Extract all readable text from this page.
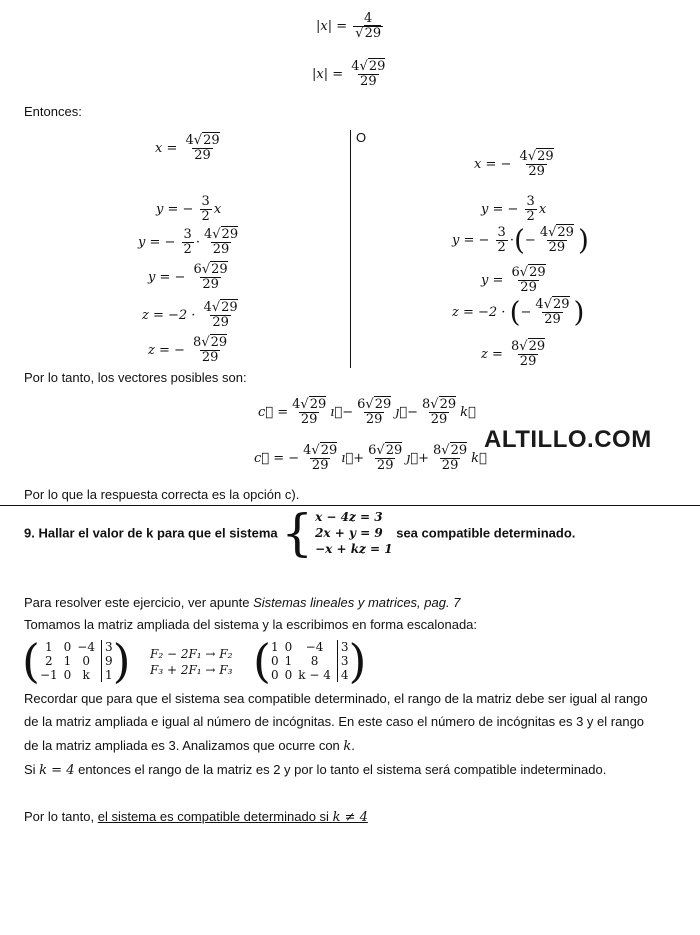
$|x| = \frac{4}{√29}$
$|x| = \frac{4√29}{29}$
Entonces:
$x = \frac{4√29}{29}$
y = − $\frac{3}{2}$ x
y = − $\frac{3}{2} \cdot \frac{4√29}{29}$
y = − $\frac{6√29}{29}$
$z = -2 \cdot \frac{4√29}{29}$
z = − $\frac{8√29}{29}$
O
x = − $\frac{4√29}{29}$
y = − $\frac{3}{2}$ x
y = − $\frac{3}{2}$ ·(− $\frac{4√29}{29}$ )
$y = \frac{6√29}{29}$
z = −2 · (− $\frac{4√29}{29}$ )
$z = \frac{8√29}{29}$
Por lo tanto, los vectores posibles son:
c⃗ = $\frac{4√29}{29}$ ı⃗− $\frac{6√29}{29}$ ȷ⃗− $\frac{8√29}{29}$ k⃗
c⃗ = − $\frac{4√29}{29}$ ı⃗+ $\frac{6√29}{29}$ ȷ⃗+ $\frac{8√29}{29}$ k⃗
ALTILLO.COM
Por lo que la respuesta correcta es la opción c).
9. Hallar el valor de k para que el sistema { x − 4z = 3
2x + y = 9
−x + kz = 1
sea compatible determinado.
Para resolver este ejercicio, ver apunte Sistemas lineales y matrices, pag. 7
Tomamos la matriz ampliada del sistema y la escribimos en forma escalonada:
( 1 0 −4 3
2 1 0	9
−1 0 k	1 ) F₂ − 2F₁ → F₂
F₃ + 2F₁ → F₃ ( 1 0	−4	3
0 1	8	3
0 0 k − 4 4 )
Recordar que para que el sistema sea compatible determinado, el rango de la matriz debe ser igual al rango
de la matriz ampliada e igual al número de incógnitas. En este caso el número de incógnitas es 3 y el rango
de la matriz ampliada es 3. Analizamos que ocurre con k.
Si k = 4 entonces el rango de la matriz es 2 y por lo tanto el sistema será compatible indeterminado.
Por lo tanto, el sistema es compatible determinado si k ≠ 4
